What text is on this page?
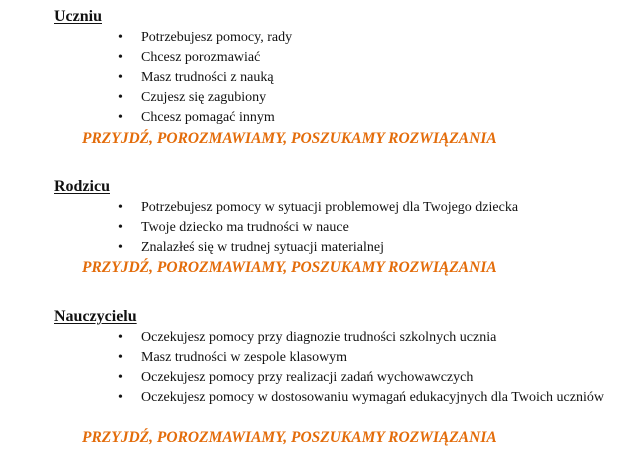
Uczniu

• Potrzebujesz pomocy, rady
• Chcesz porozmawiać
• Masz trudności z nauką
• Czujesz się zagubiony
• Chcesz pomagać innym

PRZYJDŹ, POROZMAWIAMY, POSZUKAMY ROZWIĄZANIA

Rodzicu

• Potrzebujesz pomocy w sytuacji problemowej dla Twojego dziecka
• Twoje dziecko ma trudności w nauce
• Znalazłeś się w trudnej sytuacji materialnej

PRZYJDŹ, POROZMAWIAMY, POSZUKAMY ROZWIĄZANIA

Nauczycielu

• Oczekujesz pomocy przy diagnozie trudności szkolnych ucznia
• Masz trudności w zespole klasowym
• Oczekujesz pomocy przy realizacji zadań wychowawczych
• Oczekujesz pomocy w dostosowaniu wymagań edukacyjnych dla Twoich uczniów

PRZYJDŹ, POROZMAWIAMY, POSZUKAMY ROZWIĄZANIA
